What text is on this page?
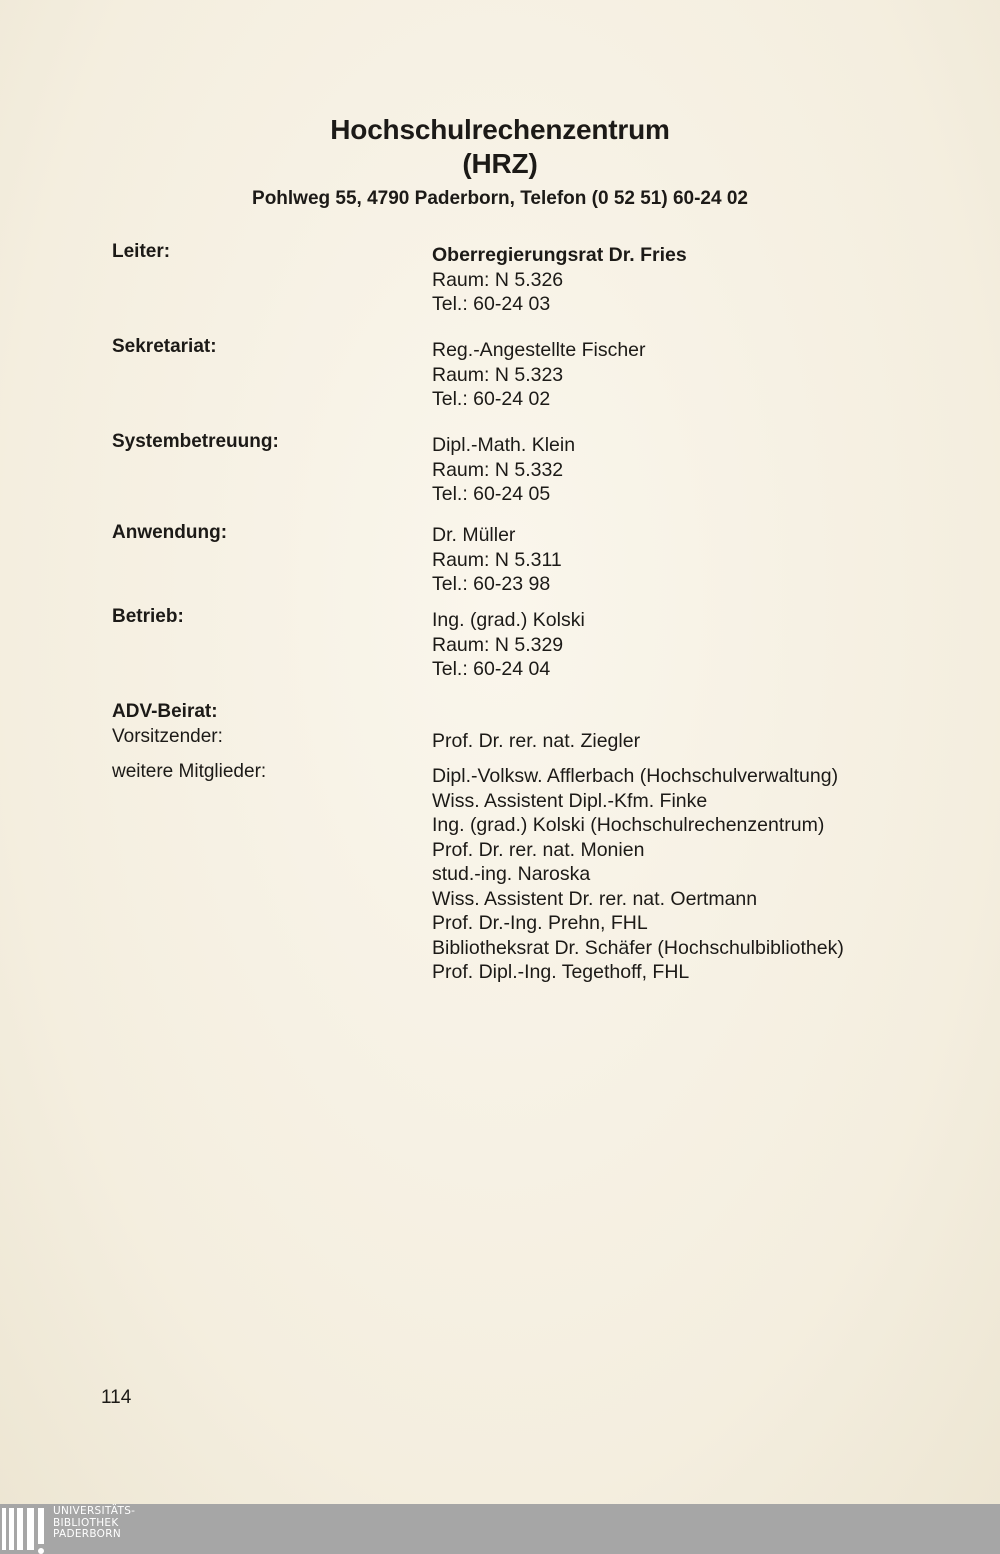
Hochschulrechenzentrum
(HRZ)
Pohlweg 55, 4790 Paderborn, Telefon (0 52 51) 60-24 02
Leiter:	Oberregierungsrat Dr. Fries
Raum: N 5.326
Tel.: 60-24 03
Sekretariat:	Reg.-Angestellte Fischer
Raum: N 5.323
Tel.: 60-24 02
Systembetreuung:	Dipl.-Math. Klein
Raum: N 5.332
Tel.: 60-24 05
Anwendung:	Dr. Müller
Raum: N 5.311
Tel.: 60-23 98
Betrieb:	Ing. (grad.) Kolski
Raum: N 5.329
Tel.: 60-24 04
ADV-Beirat:
Vorsitzender:	Prof. Dr. rer. nat. Ziegler
weitere Mitglieder:	Dipl.-Volksw. Afflerbach (Hochschulverwaltung)
Wiss. Assistent Dipl.-Kfm. Finke
Ing. (grad.) Kolski (Hochschulrechenzentrum)
Prof. Dr. rer. nat. Monien
stud.-ing. Naroska
Wiss. Assistent Dr. rer. nat. Oertmann
Prof. Dr.-Ing. Prehn, FHL
Bibliotheksrat Dr. Schäfer (Hochschulbibliothek)
Prof. Dipl.-Ing. Tegethoff, FHL
114
UNIVERSITÄTS-
BIBLIOTHEK
PADERBORN
